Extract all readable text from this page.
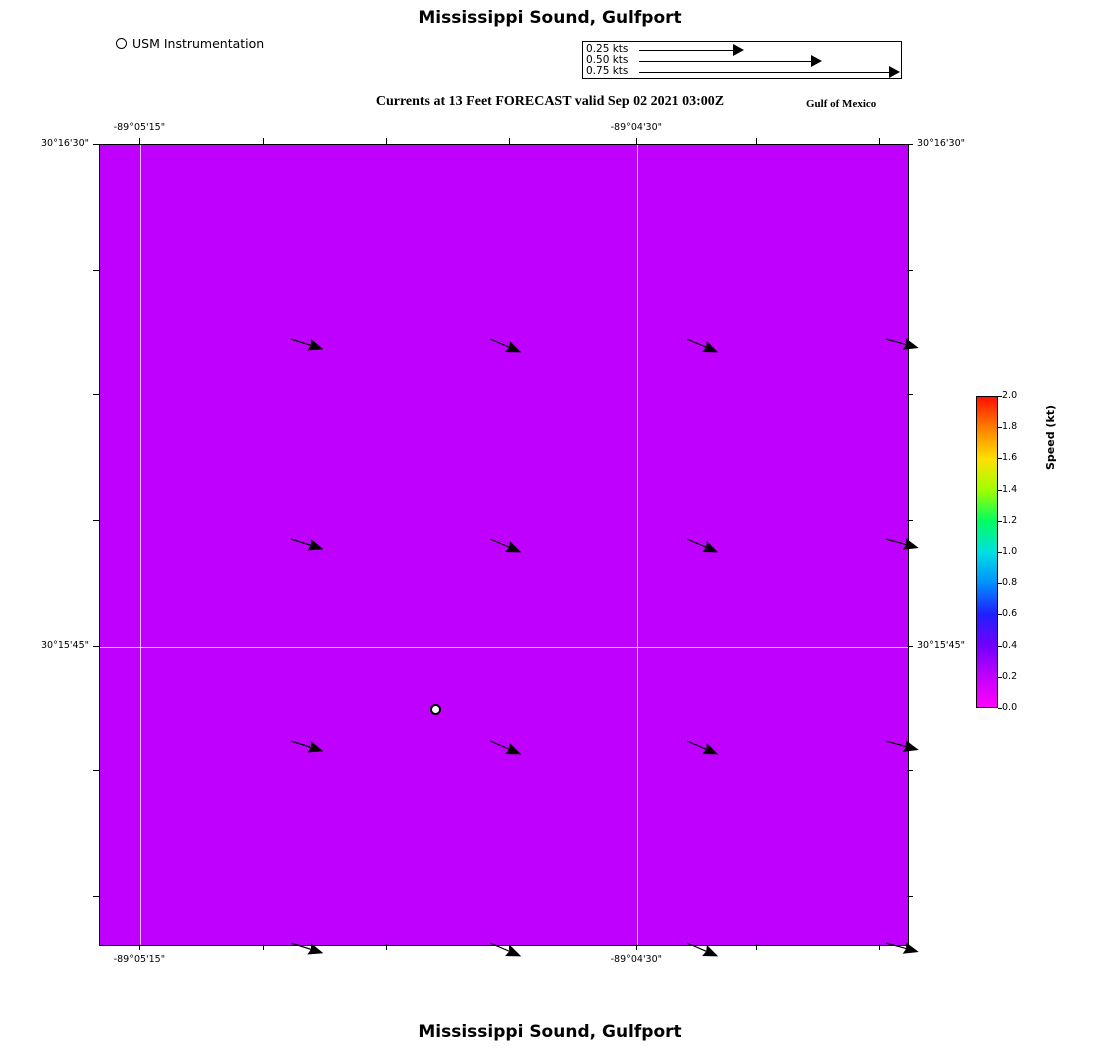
Mississippi Sound, Gulfport
Currents at 13 Feet FORECAST valid Sep 02 2021 03:00Z	Gulf of Mexico
Mississippi Sound, Gulfport
USM Instrumentation	0.25 kts
0.50 kts
0.75 kts
Speed (kt)
-89°05'15"	-89°04'30"
-89°05'15"	-89°04'30"
30°16'30"
30°15'45"
30°16'30"
30°15'45"
2.0
1.8
1.6
1.4
1.2
1.0
0.8
0.6
0.4
0.2
0.0
